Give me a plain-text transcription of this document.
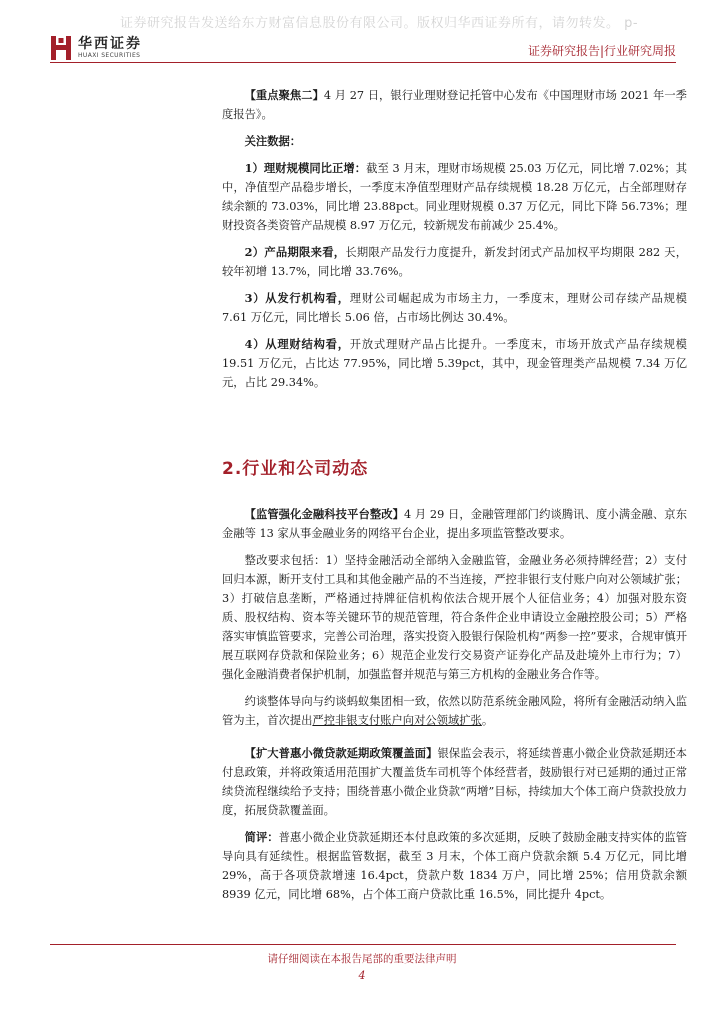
证券研究报告发送给东方财富信息股份有限公司。版权归华西证券所有，请勿转发。 p-
华西证券
HUAXI SECURITIES	证券研究报告|行业研究周报

【重点聚焦二】4 月 27 日，银行业理财登记托管中心发布《中国理财市场 2021 年一季度报告》。

关注数据：

1）理财规模同比正增：截至 3 月末，理财市场规模 25.03 万亿元，同比增 7.02%；其中，净值型产品稳步增长，一季度末净值型理财产品存续规模 18.28 万亿元，占全部理财存续余额的 73.03%，同比增 23.88pct。同业理财规模 0.37 万亿元，同比下降 56.73%；理财投资各类资管产品规模 8.97 万亿元，较新规发布前减少 25.4%。

2）产品期限来看，长期限产品发行力度提升，新发封闭式产品加权平均期限 282 天，较年初增 13.7%，同比增 33.76%。

3）从发行机构看，理财公司崛起成为市场主力，一季度末，理财公司存续产品规模 7.61 万亿元，同比增长 5.06 倍，占市场比例达 30.4%。

4）从理财结构看，开放式理财产品占比提升。一季度末，市场开放式产品存续规模 19.51 万亿元，占比达 77.95%，同比增 5.39pct，其中，现金管理类产品规模 7.34 万亿元，占比 29.34%。

2.行业和公司动态

【监管强化金融科技平台整改】4 月 29 日，金融管理部门约谈腾讯、度小满金融、京东金融等 13 家从事金融业务的网络平台企业，提出多项监管整改要求。

整改要求包括：1）坚持金融活动全部纳入金融监管，金融业务必须持牌经营；2）支付回归本源，断开支付工具和其他金融产品的不当连接，严控非银行支付账户向对公领域扩张；3）打破信息垄断，严格通过持牌征信机构依法合规开展个人征信业务；4）加强对股东资质、股权结构、资本等关键环节的规范管理，符合条件企业申请设立金融控股公司；5）严格落实审慎监管要求，完善公司治理，落实投资入股银行保险机构“两参一控”要求，合规审慎开展互联网存贷款和保险业务；6）规范企业发行交易资产证券化产品及赴境外上市行为；7）强化金融消费者保护机制，加强监督并规范与第三方机构的金融业务合作等。

约谈整体导向与约谈蚂蚁集团相一致，依然以防范系统金融风险，将所有金融活动纳入监管为主，首次提出严控非银支付账户向对公领域扩张。

【扩大普惠小微贷款延期政策覆盖面】银保监会表示，将延续普惠小微企业贷款延期还本付息政策，并将政策适用范围扩大覆盖货车司机等个体经营者，鼓励银行对已延期的通过正常续贷流程继续给予支持；围绕普惠小微企业贷款“两增”目标，持续加大个体工商户贷款投放力度，拓展贷款覆盖面。

简评：普惠小微企业贷款延期还本付息政策的多次延期，反映了鼓励金融支持实体的监管导向具有延续性。根据监管数据，截至 3 月末，个体工商户贷款余额 5.4 万亿元，同比增 29%，高于各项贷款增速 16.4pct，贷款户数 1834 万户，同比增 25%；信用贷款余额 8939 亿元，同比增 68%，占个体工商户贷款比重 16.5%，同比提升 4pct。

请仔细阅读在本报告尾部的重要法律声明
4
